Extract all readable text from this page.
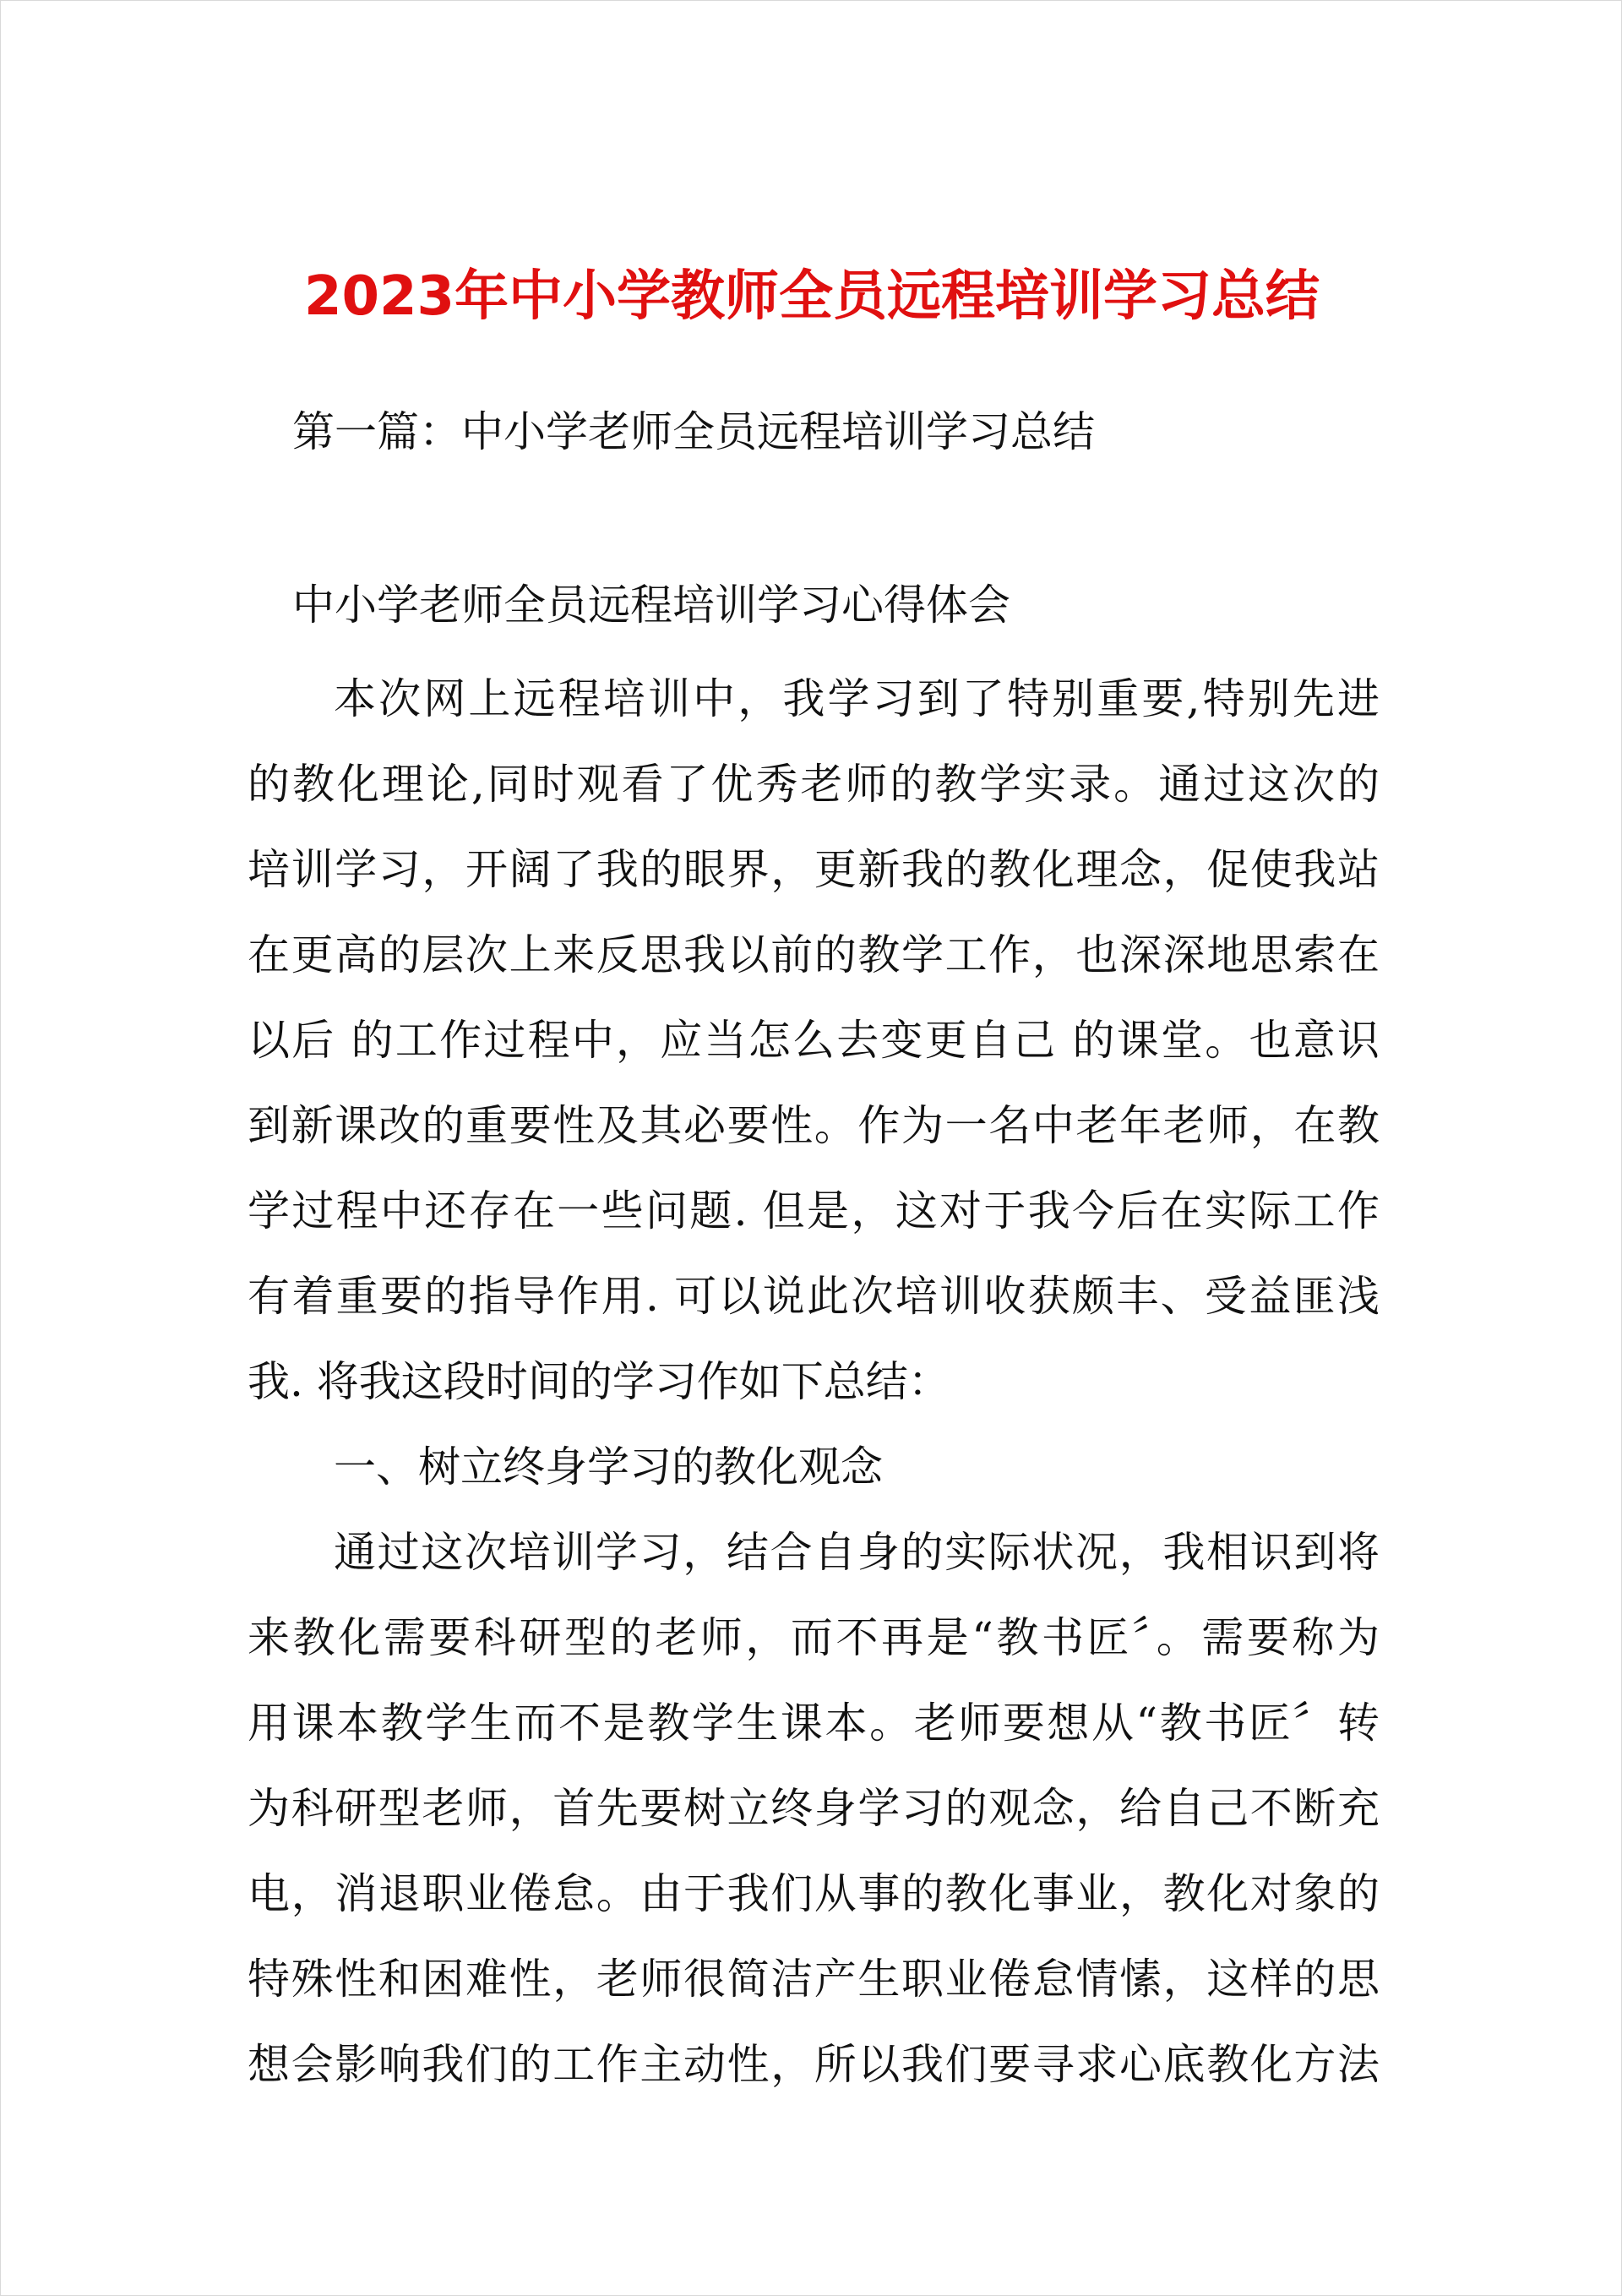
2023年中小学教师全员远程培训学习总结
第一篇：中小学老师全员远程培训学习总结
中小学老师全员远程培训学习心得体会
本次网上远程培训中，我学习到了特别重要,特别先进
的教化理论,同时观看了优秀老师的教学实录。通过这次的
培训学习，开阔了我的眼界，更新我的教化理念，促使我站
在更高的层次上来反思我以前的教学工作，也深深地思索在
以后 的工作过程中，应当怎么去变更自己 的课堂。也意识
到新课改的重要性及其必要性。作为一名中老年老师，在教
学过程中还存在一些问题. 但是，这对于我今后在实际工作
有着重要的指导作用. 可以说此次培训收获颇丰、受益匪浅
我. 将我这段时间的学习作如下总结：
一、树立终身学习的教化观念
通过这次培训学习，结合自身的实际状况，我相识到将
来教化需要科研型的老师，而不再是“教书匠〞。需要称为
用课本教学生而不是教学生课本。老师要想从“教书匠〞转
为科研型老师，首先要树立终身学习的观念，给自己不断充
电，消退职业倦怠。由于我们从事的教化事业，教化对象的
特殊性和困难性，老师很简洁产生职业倦怠情愫，这样的思
想会影响我们的工作主动性，所以我们要寻求心底教化方法
